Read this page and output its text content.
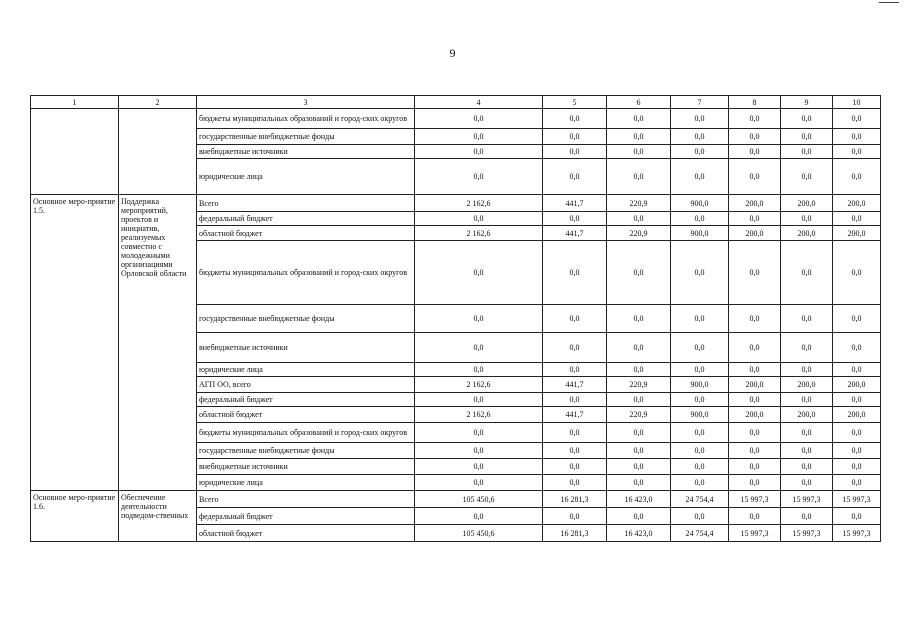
9
1	2	3	4	5	6	7	8	9	10
		бюджеты муниципальных образований и город-ских округов	0,0	0,0	0,0	0,0	0,0	0,0	0,0
		государственные внебюджетные фонды	0,0	0,0	0,0	0,0	0,0	0,0	0,0
		внебюджетные источники	0,0	0,0	0,0	0,0	0,0	0,0	0,0
		юридические лица	0,0	0,0	0,0	0,0	0,0	0,0	0,0
Основное меро-приятие 1.5.	Поддержка мероприятий, проектов и инициатив, реализуемых совместно с молодежными организациями Орловской области	Всего	2 162,6	441,7	220,9	900,0	200,0	200,0	200,0
		федеральный бюджет	0,0	0,0	0,0	0,0	0,0	0,0	0,0
		областной бюджет	2 162,6	441,7	220,9	900,0	200,0	200,0	200,0
		бюджеты муниципальных образований и город-ских округов	0,0	0,0	0,0	0,0	0,0	0,0	0,0
		государственные внебюджетные фонды	0,0	0,0	0,0	0,0	0,0	0,0	0,0
		внебюджетные источники	0,0	0,0	0,0	0,0	0,0	0,0	0,0
		юридические лица	0,0	0,0	0,0	0,0	0,0	0,0	0,0
		АГП ОО, всего	2 162,6	441,7	220,9	900,0	200,0	200,0	200,0
		федеральный бюджет	0,0	0,0	0,0	0,0	0,0	0,0	0,0
		областной бюджет	2 162,6	441,7	220,9	900,0	200,0	200,0	200,0
		бюджеты муниципальных образований и город-ских округов	0,0	0,0	0,0	0,0	0,0	0,0	0,0
		государственные внебюджетные фонды	0,0	0,0	0,0	0,0	0,0	0,0	0,0
		внебюджетные источники	0,0	0,0	0,0	0,0	0,0	0,0	0,0
		юридические лица	0,0	0,0	0,0	0,0	0,0	0,0	0,0
Основное меро-приятие 1.6.	Обеспечение деятельности подведом-ственных	Всего	105 450,6	16 281,3	16 423,0	24 754,4	15 997,3	15 997,3	15 997,3
		федеральный бюджет	0,0	0,0	0,0	0,0	0,0	0,0	0,0
		областной бюджет	105 450,6	16 281,3	16 423,0	24 754,4	15 997,3	15 997,3	15 997,3
